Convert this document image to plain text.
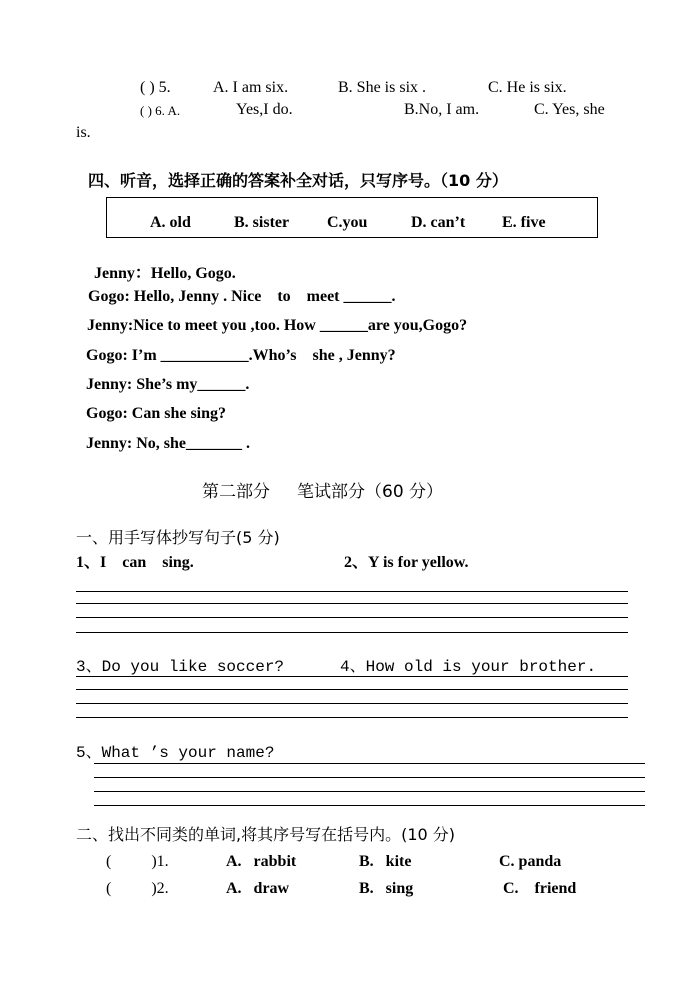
( ) 5.	A. I am six.	B. She is six .	C. He is six.
( ) 6. A.	Yes,I do.	B.No, I am.	C. Yes, she
is.
四、听音，选择正确的答案补全对话，只写序号。（10 分）
A. old	B. sister C.you	D. can’t E. five
Jenny：Hello, Gogo.
Gogo: Hello, Jenny . Nice    to    meet ______.
Jenny:Nice to meet you ,too. How ______are you,Gogo?
Gogo: I’m ___________.Who’s    she , Jenny?
Jenny: She’s my______.
Gogo: Can she sing?
Jenny: No, she_______ .
第二部分     笔试部分（60 分）
一、用手写体抄写句子(5 分)
1、I    can    sing.	2、Y is for yellow.
3、Do you like soccer?	4、How old is your brother.
5、What ’s your name?
二、找出不同类的单词,将其序号写在括号内。(10 分)
(          )1.	A.   rabbit	B.   kite	C. panda
(          )2.	A.   draw	B.   sing	C.    friend
